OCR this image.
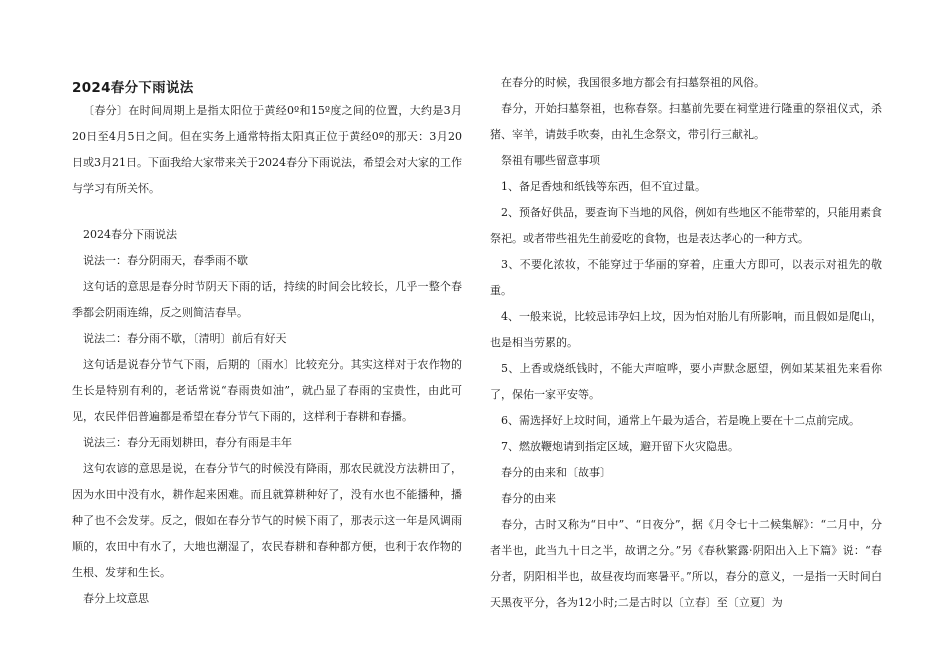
2024春分下雨说法

〔春分〕在时间周期上是指太阳位于黄经0º和15º度之间的位置，大约是3月20日至4月5日之间。但在实务上通常特指太阳真正位于黄经0º的那天：3月20日或3月21日。下面我给大家带来关于2024春分下雨说法，希望会对大家的工作与学习有所关怀。

2024春分下雨说法

说法一：春分阴雨天，春季雨不歇

这句话的意思是春分时节阴天下雨的话，持续的时间会比较长，几乎一整个春季都会阴雨连绵，反之则简洁春旱。

说法二：春分雨不歇，〔清明〕前后有好天

这句话是说春分节气下雨，后期的〔雨水〕比较充分。其实这样对于农作物的生长是特别有利的，老话常说“春雨贵如油”，就凸显了春雨的宝贵性，由此可见，农民伴侣普遍都是希望在春分节气下雨的，这样利于春耕和春播。

说法三：春分无雨划耕田，春分有雨是丰年

这句农谚的意思是说，在春分节气的时候没有降雨，那农民就没方法耕田了，因为水田中没有水，耕作起来困难。而且就算耕种好了，没有水也不能播种，播种了也不会发芽。反之，假如在春分节气的时候下雨了，那表示这一年是风调雨顺的，农田中有水了，大地也潮湿了，农民春耕和春种都方便，也利于农作物的生根、发芽和生长。

春分上坟意思

在春分的时候，我国很多地方都会有扫墓祭祖的风俗。

春分，开始扫墓祭祖，也称春祭。扫墓前先要在祠堂进行隆重的祭祖仪式，杀猪、宰羊，请鼓手吹奏，由礼生念祭文，带引行三献礼。

祭祖有哪些留意事项

1、备足香烛和纸钱等东西，但不宜过量。

2、预备好供品，要查询下当地的风俗，例如有些地区不能带荤的，只能用素食祭祀。或者带些祖先生前爱吃的食物，也是表达孝心的一种方式。

3、不要化浓妆，不能穿过于华丽的穿着，庄重大方即可，以表示对祖先的敬重。

4、一般来说，比较忌讳孕妇上坟，因为怕对胎儿有所影响，而且假如是爬山，也是相当劳累的。

5、上香或烧纸钱时，不能大声喧哗，要小声默念愿望，例如某某祖先来看你了，保佑一家平安等。

6、需选择好上坟时间，通常上午最为适合，若是晚上要在十二点前完成。

7、燃放鞭炮请到指定区域，避开留下火灾隐患。

春分的由来和〔故事〕

春分的由来

春分，古时又称为“日中”、“日夜分”，据《月令七十二候集解》：“二月中，分者半也，此当九十日之半，故谓之分。”另《春秋繁露·阴阳出入上下篇》说：“春分者，阴阳相半也，故昼夜均而寒暑平。”所以，春分的意义，一是指一天时间白天黑夜平分，各为12小时;二是古时以〔立春〕至〔立夏〕为
